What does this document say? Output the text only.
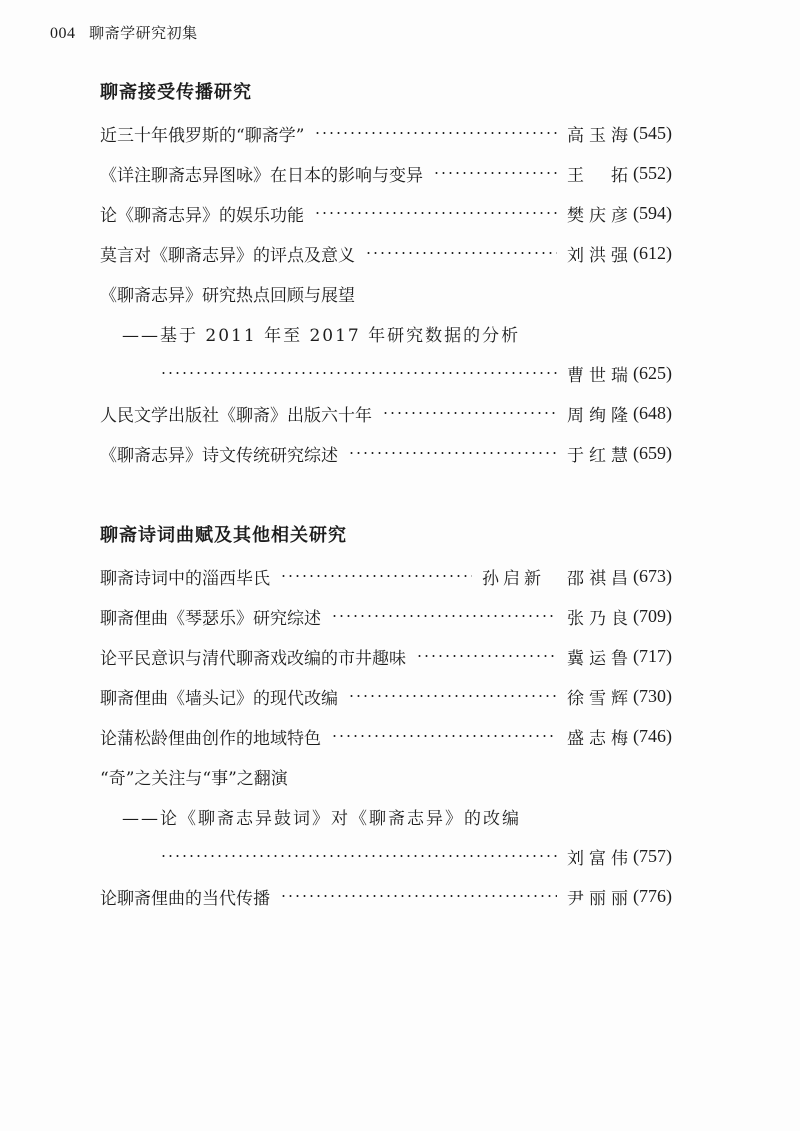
004 聊斋学研究初集
聊斋接受传播研究
近三十年俄罗斯的“聊斋学”	高玉海 (545)
《详注聊斋志异图咏》在日本的影响与变异	王　拓 (552)
论《聊斋志异》的娱乐功能	樊庆彦 (594)
莫言对《聊斋志异》的评点及意义	刘洪强 (612)
《聊斋志异》研究热点回顾与展望
——基于 2011 年至 2017 年研究数据的分析
曹世瑞 (625)
人民文学出版社《聊斋》出版六十年	周绚隆 (648)
《聊斋志异》诗文传统研究综述	于红慧 (659)
聊斋诗词曲赋及其他相关研究
聊斋诗词中的淄西毕氏	孙启新 邵祺昌 (673)
聊斋俚曲《琴瑟乐》研究综述	张乃良 (709)
论平民意识与清代聊斋戏改编的市井趣味	冀运鲁 (717)
聊斋俚曲《墙头记》的现代改编	徐雪辉 (730)
论蒲松龄俚曲创作的地域特色	盛志梅 (746)
“奇”之关注与“事”之翻演
——论《聊斋志异鼓词》对《聊斋志异》的改编
刘富伟 (757)
论聊斋俚曲的当代传播	尹丽丽 (776)
